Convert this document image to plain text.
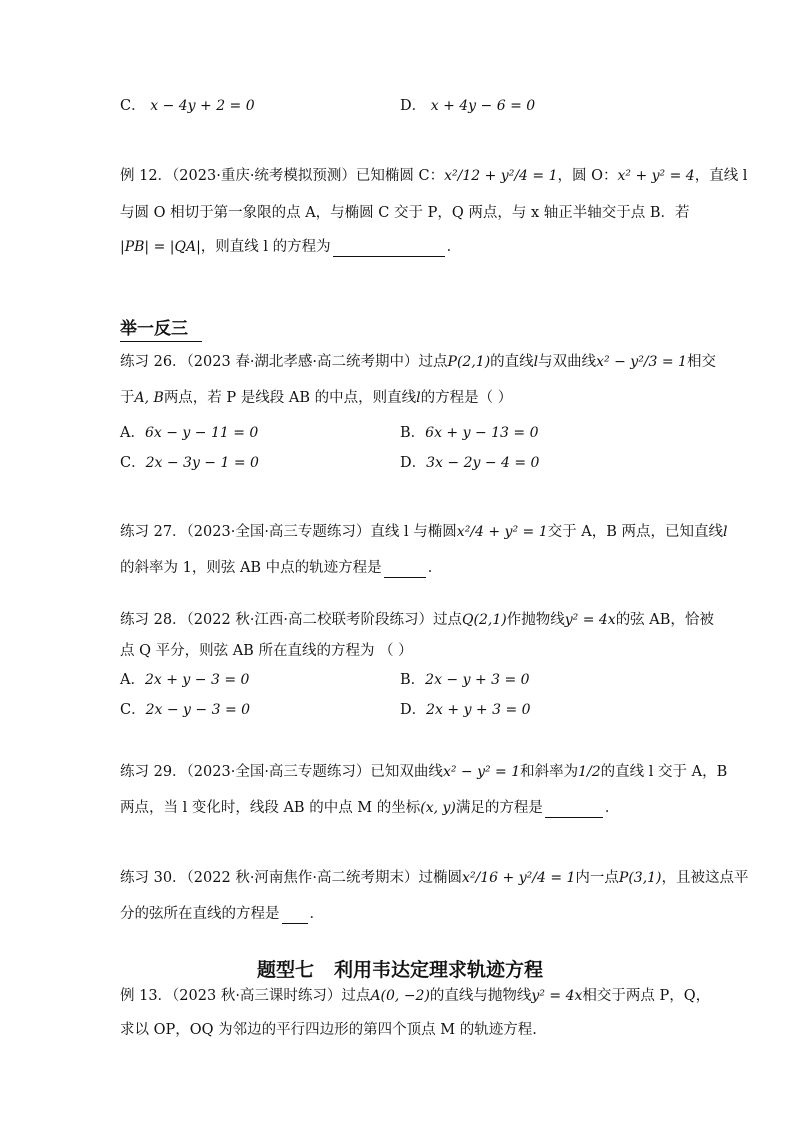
C． x − 4y + 2 = 0	D． x + 4y − 6 = 0
例 12．（2023·重庆·统考模拟预测）已知椭圆 C：x²/12 + y²/4 = 1，圆 O：x² + y² = 4，直线 l
与圆 O 相切于第一象限的点 A，与椭圆 C 交于 P，Q 两点，与 x 轴正半轴交于点 B．若
|PB| = |QA|，则直线 l 的方程为	．
举一反三
练习 26．（2023 春·湖北孝感·高二统考期中）过点P(2,1)的直线l与双曲线x² − y²/3 = 1相交
于A, B两点，若 P 是线段 AB 的中点，则直线l的方程是（ ）
A．6x − y − 11 = 0	B．6x + y − 13 = 0
C．2x − 3y − 1 = 0	D．3x − 2y − 4 = 0
练习 27．（2023·全国·高三专题练习）直线 l 与椭圆x²/4 + y² = 1交于 A，B 两点，已知直线l
的斜率为 1，则弦 AB 中点的轨迹方程是	．
练习 28．（2022 秋·江西·高二校联考阶段练习）过点Q(2,1)作抛物线y² = 4x的弦 AB，恰被
点 Q 平分，则弦 AB 所在直线的方程为 （ ）
A．2x + y − 3 = 0	B．2x − y + 3 = 0
C．2x − y − 3 = 0	D．2x + y + 3 = 0
练习 29．（2023·全国·高三专题练习）已知双曲线x² − y² = 1和斜率为1/2的直线 l 交于 A，B
两点，当 l 变化时，线段 AB 的中点 M 的坐标(x, y)满足的方程是	．
练习 30．（2022 秋·河南焦作·高二统考期末）过椭圆x²/16 + y²/4 = 1内一点P(3,1)，且被这点平
分的弦所在直线的方程是 ．
题型七 利用韦达定理求轨迹方程
例 13．（2023 秋·高三课时练习）过点A(0, −2)的直线与抛物线y² = 4x相交于两点 P，Q，
求以 OP，OQ 为邻边的平行四边形的第四个顶点 M 的轨迹方程.
